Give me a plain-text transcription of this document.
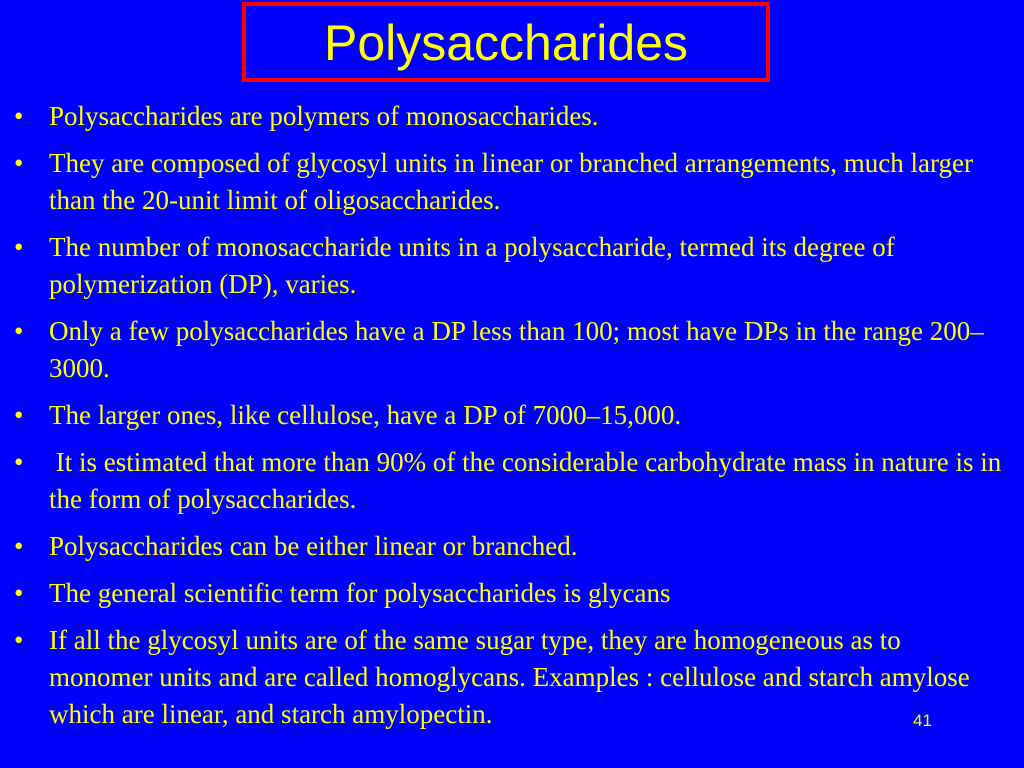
Polysaccharides
• Polysaccharides are polymers of monosaccharides.
• They are composed of glycosyl units in linear or branched arrangements, much larger than the 20-unit limit of oligosaccharides.
• The number of monosaccharide units in a polysaccharide, termed its degree of polymerization (DP), varies.
• Only a few polysaccharides have a DP less than 100; most have DPs in the range 200–3000.
• The larger ones, like cellulose, have a DP of 7000–15,000.
• It is estimated that more than 90% of the considerable carbohydrate mass in nature is in the form of polysaccharides.
• Polysaccharides can be either linear or branched.
• The general scientific term for polysaccharides is glycans
• If all the glycosyl units are of the same sugar type, they are homogeneous as to monomer units and are called homoglycans. Examples : cellulose and starch amylose which are linear, and starch amylopectin.	41
